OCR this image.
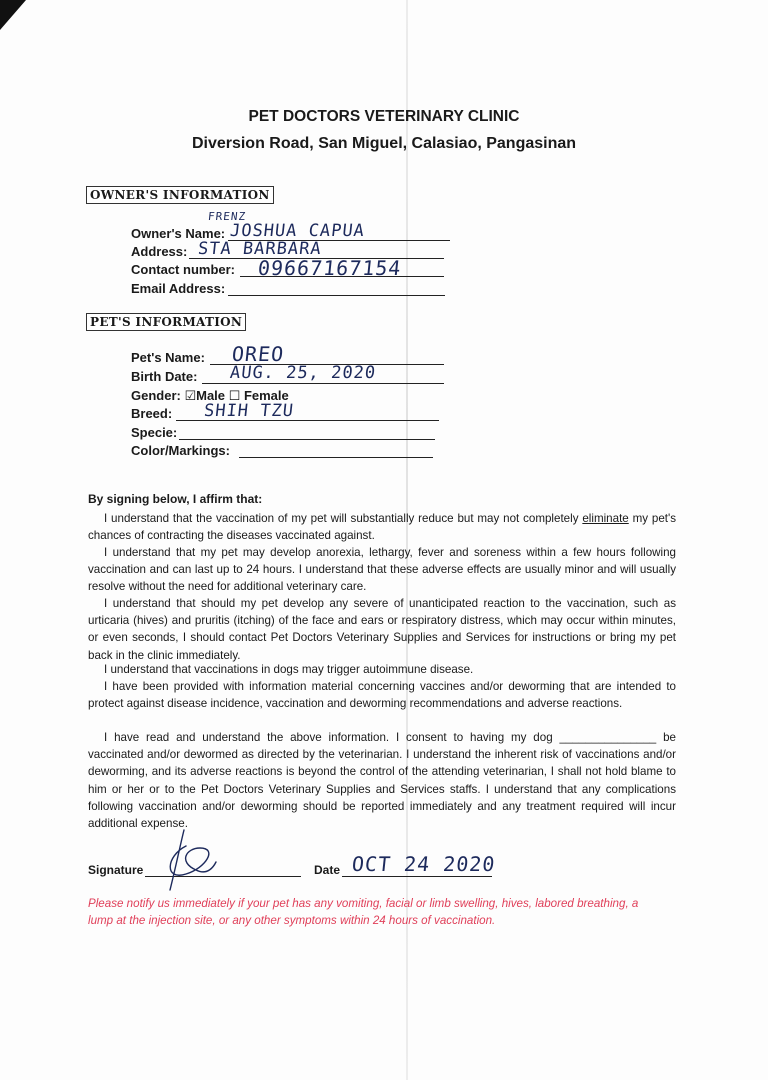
PET DOCTORS VETERINARY CLINIC
Diversion Road, San Miguel, Calasiao, Pangasinan
OWNER'S INFORMATION
FRENZ
Owner's Name: JOSHUA CAPUA
Address: STA BARBARA
Contact number: 09667167154
Email Address:
PET'S INFORMATION
Pet's Name: OREO
Birth Date: AUG. 25, 2020
Gender: ☑Male ☐ Female
Breed: SHIH TZU
Specie:
Color/Markings:
By signing below, I affirm that:

I understand that the vaccination of my pet will substantially reduce but may not completely eliminate my pet's chances of contracting the diseases vaccinated against.

I understand that my pet may develop anorexia, lethargy, fever and soreness within a few hours following vaccination and can last up to 24 hours. I understand that these adverse effects are usually minor and will usually resolve without the need for additional veterinary care.

I understand that should my pet develop any severe of unanticipated reaction to the vaccination, such as urticaria (hives) and pruritis (itching) of the face and ears or respiratory distress, which may occur within minutes, or even seconds, I should contact Pet Doctors Veterinary Supplies and Services for instructions or bring my pet back in the clinic immediately.

I understand that vaccinations in dogs may trigger autoimmune disease.

I have been provided with information material concerning vaccines and/or deworming that are intended to protect against disease incidence, vaccination and deworming recommendations and adverse reactions.

I have read and understand the above information. I consent to having my dog _______________ be vaccinated and/or dewormed as directed by the veterinarian. I understand the inherent risk of vaccinations and/or deworming, and its adverse reactions is beyond the control of the attending veterinarian, I shall not hold blame to him or her or to the Pet Doctors Veterinary Supplies and Services staffs. I understand that any complications following vaccination and/or deworming should be reported immediately and any treatment required will incur additional expense.

Signature	Date OCT 24 2020

Please notify us immediately if your pet has any vomiting, facial or limb swelling, hives, labored breathing, a lump at the injection site, or any other symptoms within 24 hours of vaccination.
